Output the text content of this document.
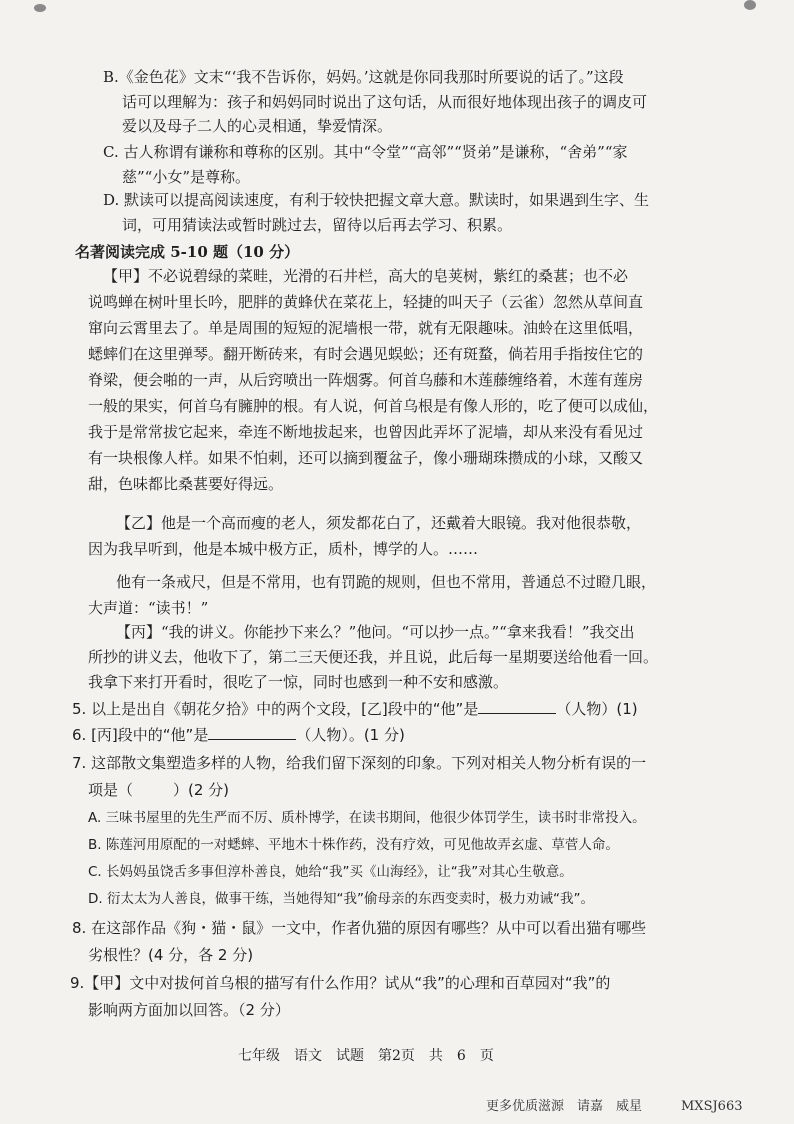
B.《金色花》文末“‘我不告诉你，妈妈。’这就是你同我那时所要说的话了。”这段
话可以理解为：孩子和妈妈同时说出了这句话，从而很好地体现出孩子的调皮可
爱以及母子二人的心灵相通，挚爱情深。
C. 古人称谓有谦称和尊称的区别。其中“令堂”“高邻”“贤弟”是谦称，“舍弟”“家
慈”“小女”是尊称。
D. 默读可以提高阅读速度，有利于较快把握文章大意。默读时，如果遇到生字、生
词，可用猜读法或暂时跳过去，留待以后再去学习、积累。
名著阅读完成 5-10 题（10 分）
【甲】不必说碧绿的菜畦，光滑的石井栏，高大的皂荚树，紫红的桑葚；也不必
说鸣蝉在树叶里长吟，肥胖的黄蜂伏在菜花上，轻捷的叫天子（云雀）忽然从草间直
窜向云霄里去了。单是周围的短短的泥墙根一带，就有无限趣味。油蛉在这里低唱，
蟋蟀们在这里弹琴。翻开断砖来，有时会遇见蜈蚣；还有斑蝥，倘若用手指按住它的
脊梁，便会啪的一声，从后窍喷出一阵烟雾。何首乌藤和木莲藤缠络着，木莲有莲房
一般的果实，何首乌有臃肿的根。有人说，何首乌根是有像人形的，吃了便可以成仙，
我于是常常拔它起来，牵连不断地拔起来，也曾因此弄坏了泥墙，却从来没有看见过
有一块根像人样。如果不怕刺，还可以摘到覆盆子，像小珊瑚珠攒成的小球，又酸又
甜，色味都比桑葚要好得远。
【乙】他是一个高而瘦的老人，须发都花白了，还戴着大眼镜。我对他很恭敬，
因为我早听到，他是本城中极方正，质朴，博学的人。……
他有一条戒尺，但是不常用，也有罚跪的规则，但也不常用，普通总不过瞪几眼，
大声道：“读书！”
【丙】“我的讲义。你能抄下来么？”他问。“可以抄一点。”“拿来我看！”我交出
所抄的讲义去，他收下了，第二三天便还我，并且说，此后每一星期要送给他看一回。
我拿下来打开看时，很吃了一惊，同时也感到一种不安和感激。
5. 以上是出自《朝花夕拾》中的两个文段，[乙]段中的“他”是	（人物）(1)
6. [丙]段中的“他”是	（人物）。(1 分)
7. 这部散文集塑造多样的人物，给我们留下深刻的印象。下列对相关人物分析有误的一
项是（	）(2 分)
A. 三味书屋里的先生严而不厉、质朴博学，在读书期间，他很少体罚学生，读书时非常投入。
B. 陈莲河用原配的一对蟋蟀、平地木十株作药，没有疗效，可见他故弄玄虚、草菅人命。
C. 长妈妈虽饶舌多事但淳朴善良，她给“我”买《山海经》，让“我”对其心生敬意。
D. 衍太太为人善良，做事干练，当她得知“我”偷母亲的东西变卖时，极力劝诫“我”。
8. 在这部作品《狗・猫・鼠》一文中，作者仇猫的原因有哪些？从中可以看出猫有哪些
劣根性？(4 分，各 2 分)
9.【甲】文中对拔何首乌根的描写有什么作用？试从“我”的心理和百草园对“我”的
影响两方面加以回答。（2 分）
七年级　语文　试题　第2页　共　6　页
更多优质滋源　请嘉　威星　　　MXSJ663
